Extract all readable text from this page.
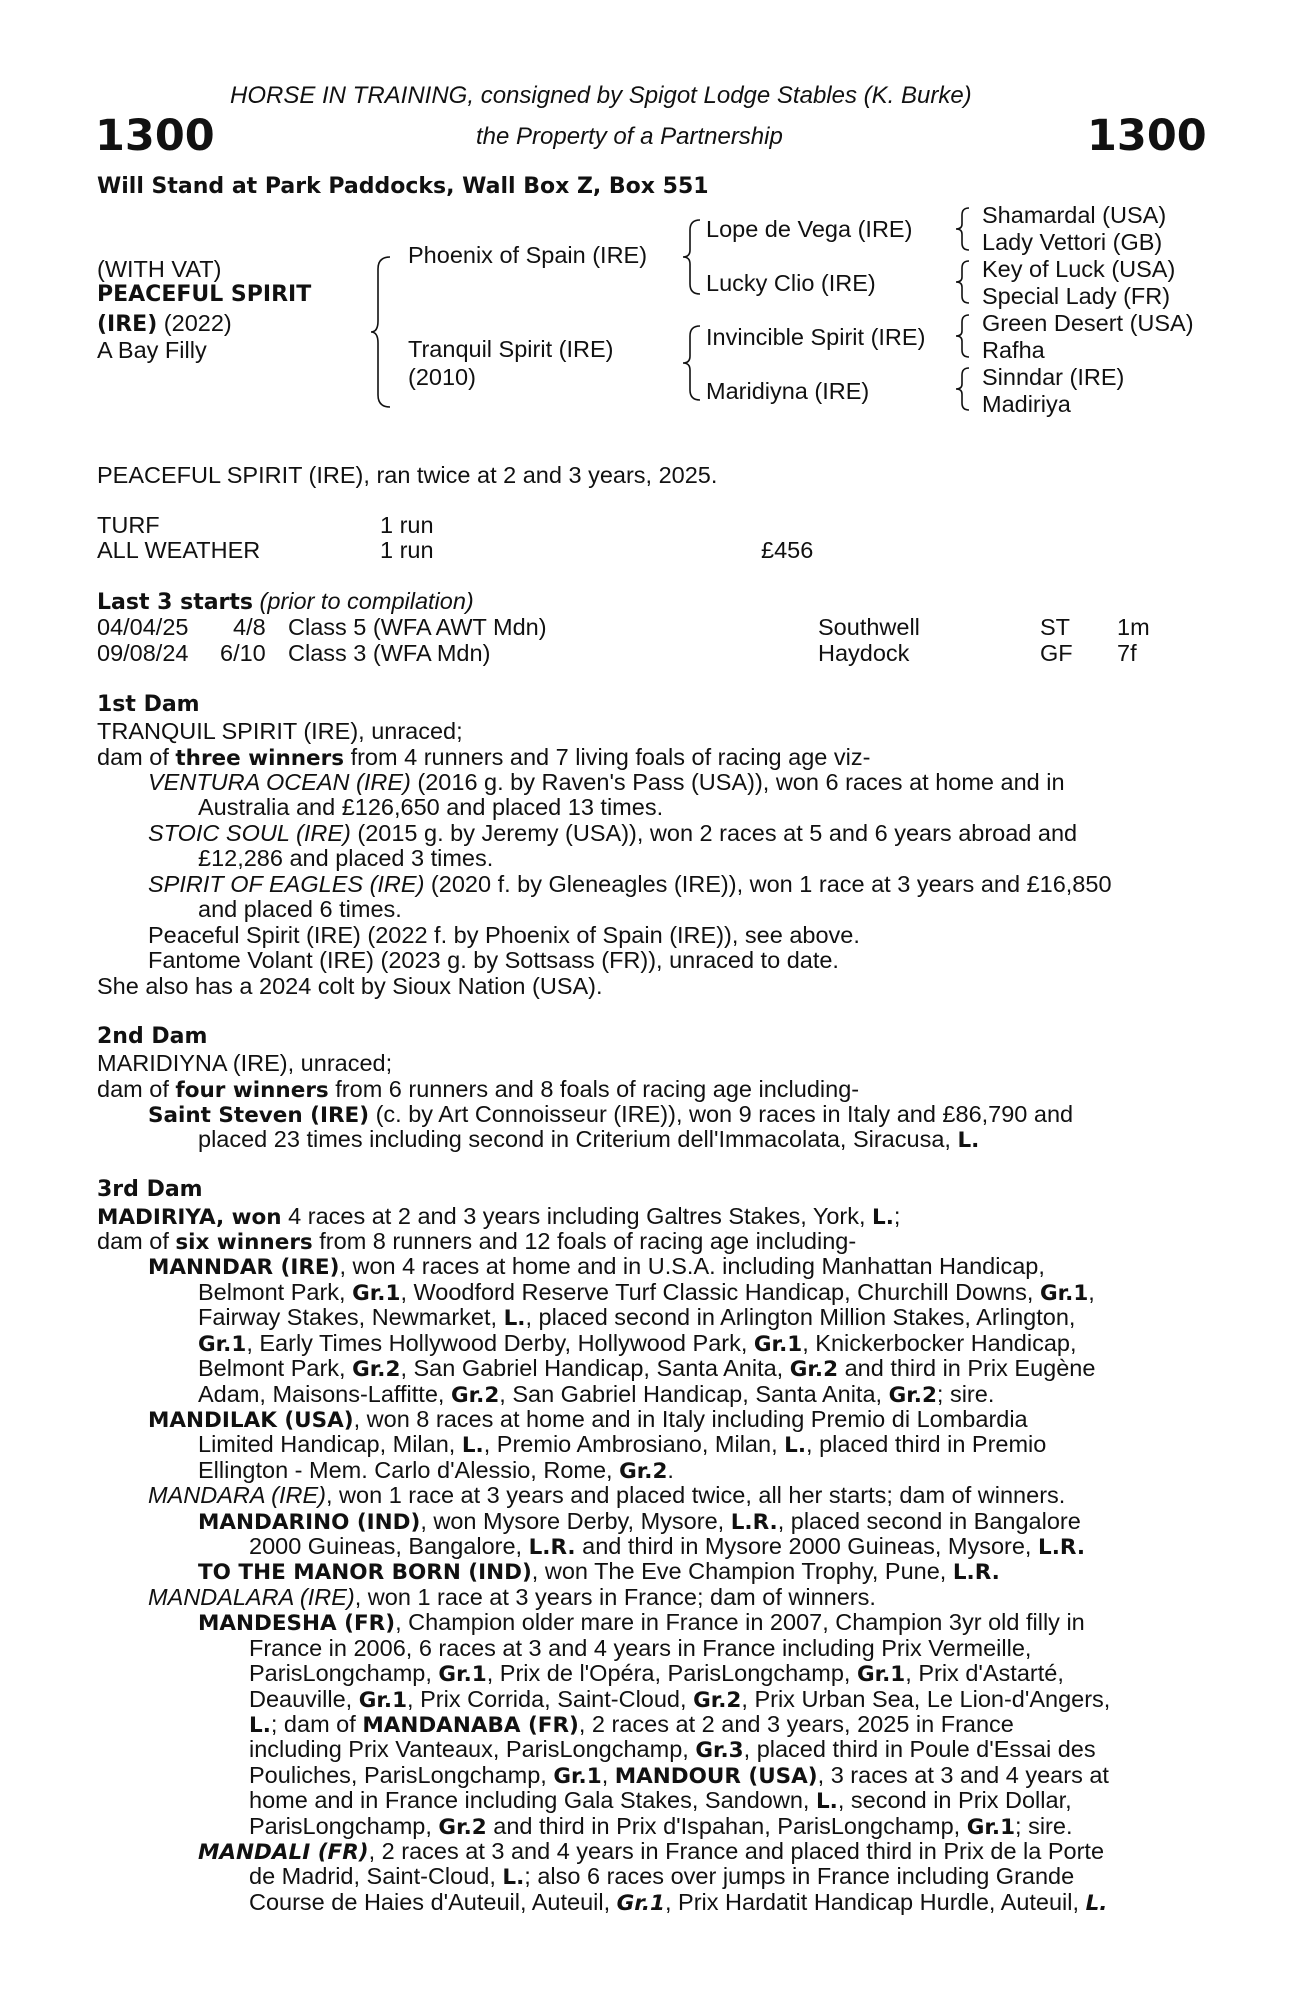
HORSE IN TRAINING, consigned by Spigot Lodge Stables (K. Burke)
1300	the Property of a Partnership	1300
Will Stand at Park Paddocks, Wall Box Z, Box 551
(WITH VAT)
PEACEFUL SPIRIT
(IRE) (2022)
A Bay Filly
Phoenix of Spain (IRE)
Tranquil Spirit (IRE)
(2010)
Lope de Vega (IRE)
Lucky Clio (IRE)
Invincible Spirit (IRE)
Maridiyna (IRE)
Shamardal (USA)
Lady Vettori (GB)
Key of Luck (USA)
Special Lady (FR)
Green Desert (USA)
Rafha
Sinndar (IRE)
Madiriya
PEACEFUL SPIRIT (IRE), ran twice at 2 and 3 years, 2025.
TURF	1 run
ALL WEATHER	1 run	£456
Last 3 starts (prior to compilation)
04/04/25 4/8 Class 5 (WFA AWT Mdn)	Southwell	ST 1m
09/08/24 6/10 Class 3 (WFA Mdn)	Haydock	GF 7f
1st Dam
TRANQUIL SPIRIT (IRE), unraced;
dam of three winners from 4 runners and 7 living foals of racing age viz-
VENTURA OCEAN (IRE) (2016 g. by Raven's Pass (USA)), won 6 races at home and in
Australia and £126,650 and placed 13 times.
STOIC SOUL (IRE) (2015 g. by Jeremy (USA)), won 2 races at 5 and 6 years abroad and
£12,286 and placed 3 times.
SPIRIT OF EAGLES (IRE) (2020 f. by Gleneagles (IRE)), won 1 race at 3 years and £16,850
and placed 6 times.
Peaceful Spirit (IRE) (2022 f. by Phoenix of Spain (IRE)), see above.
Fantome Volant (IRE) (2023 g. by Sottsass (FR)), unraced to date.
She also has a 2024 colt by Sioux Nation (USA).
2nd Dam
MARIDIYNA (IRE), unraced;
dam of four winners from 6 runners and 8 foals of racing age including-
Saint Steven (IRE) (c. by Art Connoisseur (IRE)), won 9 races in Italy and £86,790 and
placed 23 times including second in Criterium dell'Immacolata, Siracusa, L.
3rd Dam
MADIRIYA, won 4 races at 2 and 3 years including Galtres Stakes, York, L.;
dam of six winners from 8 runners and 12 foals of racing age including-
MANNDAR (IRE), won 4 races at home and in U.S.A. including Manhattan Handicap,
Belmont Park, Gr.1, Woodford Reserve Turf Classic Handicap, Churchill Downs, Gr.1,
Fairway Stakes, Newmarket, L., placed second in Arlington Million Stakes, Arlington,
Gr.1, Early Times Hollywood Derby, Hollywood Park, Gr.1, Knickerbocker Handicap,
Belmont Park, Gr.2, San Gabriel Handicap, Santa Anita, Gr.2 and third in Prix Eugène
Adam, Maisons-Laffitte, Gr.2, San Gabriel Handicap, Santa Anita, Gr.2; sire.
MANDILAK (USA), won 8 races at home and in Italy including Premio di Lombardia
Limited Handicap, Milan, L., Premio Ambrosiano, Milan, L., placed third in Premio
Ellington - Mem. Carlo d'Alessio, Rome, Gr.2.
MANDARA (IRE), won 1 race at 3 years and placed twice, all her starts; dam of winners.
MANDARINO (IND), won Mysore Derby, Mysore, L.R., placed second in Bangalore
2000 Guineas, Bangalore, L.R. and third in Mysore 2000 Guineas, Mysore, L.R.
TO THE MANOR BORN (IND), won The Eve Champion Trophy, Pune, L.R.
MANDALARA (IRE), won 1 race at 3 years in France; dam of winners.
MANDESHA (FR), Champion older mare in France in 2007, Champion 3yr old filly in
France in 2006, 6 races at 3 and 4 years in France including Prix Vermeille,
ParisLongchamp, Gr.1, Prix de l'Opéra, ParisLongchamp, Gr.1, Prix d'Astarté,
Deauville, Gr.1, Prix Corrida, Saint-Cloud, Gr.2, Prix Urban Sea, Le Lion-d'Angers,
L.; dam of MANDANABA (FR), 2 races at 2 and 3 years, 2025 in France
including Prix Vanteaux, ParisLongchamp, Gr.3, placed third in Poule d'Essai des
Pouliches, ParisLongchamp, Gr.1, MANDOUR (USA), 3 races at 3 and 4 years at
home and in France including Gala Stakes, Sandown, L., second in Prix Dollar,
ParisLongchamp, Gr.2 and third in Prix d'Ispahan, ParisLongchamp, Gr.1; sire.
MANDALI (FR), 2 races at 3 and 4 years in France and placed third in Prix de la Porte
de Madrid, Saint-Cloud, L.; also 6 races over jumps in France including Grande
Course de Haies d'Auteuil, Auteuil, Gr.1, Prix Hardatit Handicap Hurdle, Auteuil, L.
